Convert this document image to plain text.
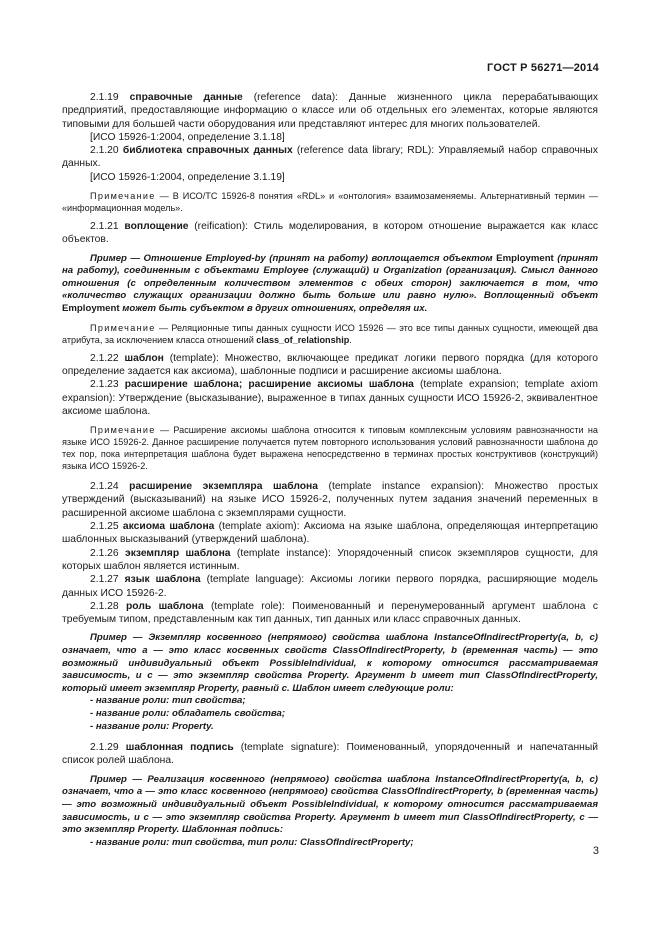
ГОСТ Р 56271—2014

2.1.19 справочные данные (reference data): Данные жизненного цикла перерабатывающих предприятий, предоставляющие информацию о классе или об отдельных его элементах, которые являются типовыми для большей части оборудования или представляют интерес для многих пользователей.

[ИСО 15926-1:2004, определение 3.1.18]

2.1.20 библиотека справочных данных (reference data library; RDL): Управляемый набор справочных данных.

[ИСО 15926-1:2004, определение 3.1.19]

Примечание — В ИСО/ТС 15926-8 понятия «RDL» и «онтология» взаимозаменяемы. Альтернативный термин — «информационная модель».

2.1.21 воплощение (reification): Стиль моделирования, в котором отношение выражается как класс объектов.

Пример — Отношение Employed-by (принят на работу) воплощается объектом Employment (принят на работу), соединенным с объектами Employee (служащий) и Organization (организация). Смысл данного отношения (с определенным количеством элементов с обеих сторон) заключается в том, что «количество служащих организации должно быть больше или равно нулю». Воплощенный объект Employment может быть субъектом в других отношениях, определяя их.

Примечание — Реляционные типы данных сущности ИСО 15926 — это все типы данных сущности, имеющей два атрибута, за исключением класса отношений class_of_relationship.

2.1.22 шаблон (template): Множество, включающее предикат логики первого порядка (для которого определение задается как аксиома), шаблонные подписи и расширение аксиомы шаблона.

2.1.23 расширение шаблона; расширение аксиомы шаблона (template expansion; template axiom expansion): Утверждение (высказывание), выраженное в типах данных сущности ИСО 15926-2, эквивалентное аксиоме шаблона.

Примечание — Расширение аксиомы шаблона относится к типовым комплексным условиям равнозначности на языке ИСО 15926-2. Данное расширение получается путем повторного использования условий равнозначности шаблона до тех пор, пока интерпретация шаблона будет выражена непосредственно в терминах простых конструктивов (конструкций) языка ИСО 15926-2.

2.1.24 расширение экземпляра шаблона (template instance expansion): Множество простых утверждений (высказываний) на языке ИСО 15926-2, полученных путем задания значений переменных в расширенной аксиоме шаблона с экземплярами сущности.

2.1.25 аксиома шаблона (template axiom): Аксиома на языке шаблона, определяющая интерпретацию шаблонных высказываний (утверждений шаблона).

2.1.26 экземпляр шаблона (template instance): Упорядоченный список экземпляров сущности, для которых шаблон является истинным.

2.1.27 язык шаблона (template language): Аксиомы логики первого порядка, расширяющие модель данных ИСО 15926-2.

2.1.28 роль шаблона (template role): Поименованный и перенумерованный аргумент шаблона с требуемым типом, представленным как тип данных, тип данных или класс справочных данных.

Пример — Экземпляр косвенного (непрямого) свойства шаблона InstanceOfIndirectProperty(a, b, c) означает, что a — это класс косвенных свойств ClassOfIndirectProperty, b (временная часть) — это возможный индивидуальный объект PossibleIndividual, к которому относится рассматриваемая зависимость, и c — это экземпляр свойства Property. Аргумент b имеет тип ClassOfIndirectProperty, который имеет экземпляр Property, равный c. Шаблон имеет следующие роли:

- название роли: тип свойства;

- название роли: обладатель свойства;

- название роли: Property.

2.1.29 шаблонная подпись (template signature): Поименованный, упорядоченный и напечатанный список ролей шаблона.

Пример — Реализация косвенного (непрямого) свойства шаблона InstanceOfIndirectProperty(a, b, c) означает, что a — это класс косвенного (непрямого) свойства ClassOfIndirectProperty, b (временная часть) — это возможный индивидуальный объект PossibleIndividual, к которому относится рассматриваемая зависимость, и c — это экземпляр свойства Property. Аргумент b имеет тип ClassOfIndirectProperty, c — это экземпляр Property. Шаблонная подпись:

- название роли: тип свойства, тип роли: ClassOfIndirectProperty;

3
